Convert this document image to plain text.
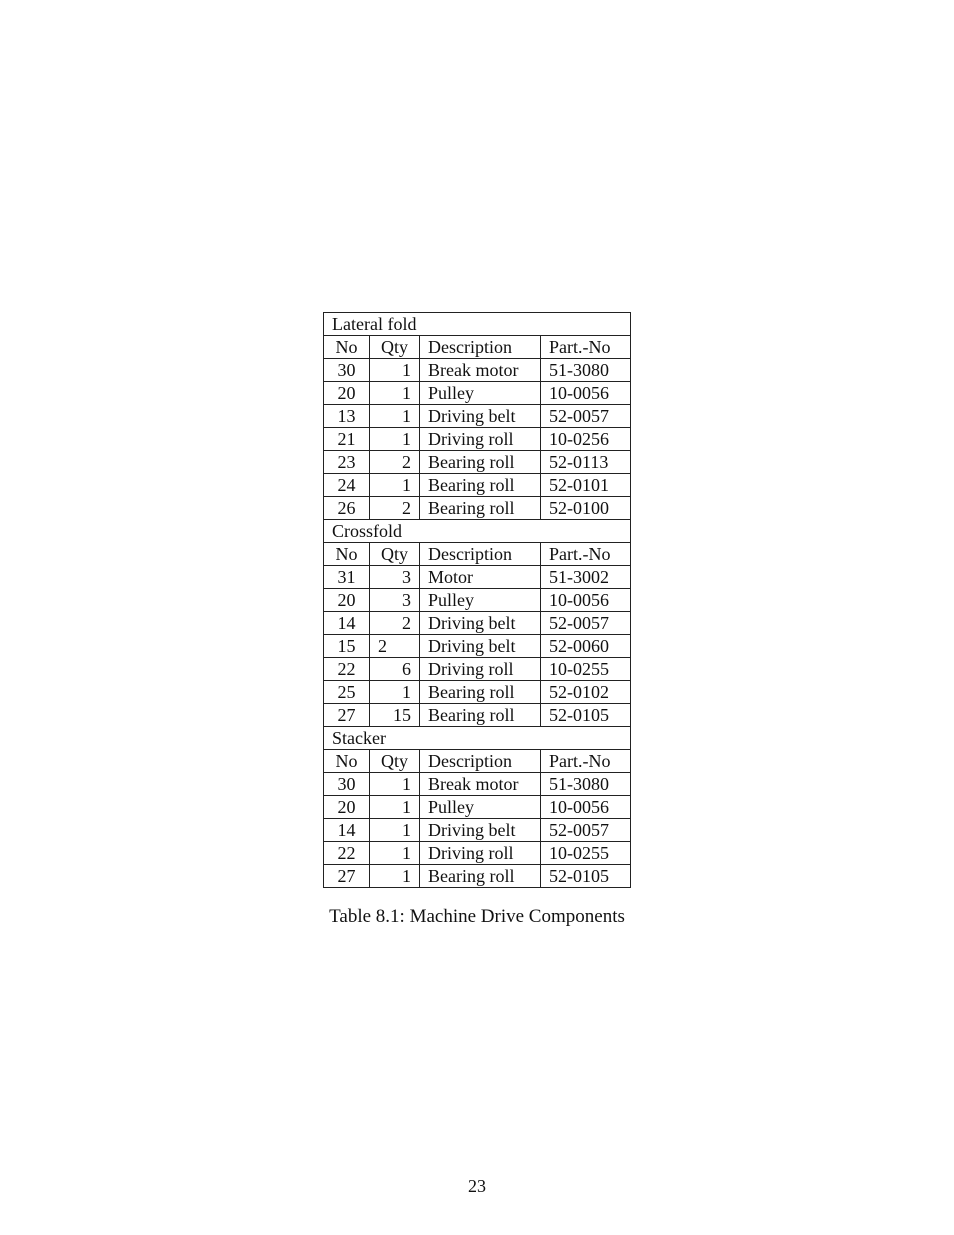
Lateral fold			
No	Qty	Description	Part.-No
30	1	Break motor	51-3080
20	1	Pulley	10-0056
13	1	Driving belt	52-0057
21	1	Driving roll	10-0256
23	2	Bearing roll	52-0113
24	1	Bearing roll	52-0101
26	2	Bearing roll	52-0100
Crossfold			
No	Qty	Description	Part.-No
31	3	Motor	51-3002
20	3	Pulley	10-0056
14	2	Driving belt	52-0057
15	2	Driving belt	52-0060
22	6	Driving roll	10-0255
25	1	Bearing roll	52-0102
27	15	Bearing roll	52-0105
Stacker			
No	Qty	Description	Part.-No
30	1	Break motor	51-3080
20	1	Pulley	10-0056
14	1	Driving belt	52-0057
22	1	Driving roll	10-0255
27	1	Bearing roll	52-0105
Table 8.1: Machine Drive Components
23
